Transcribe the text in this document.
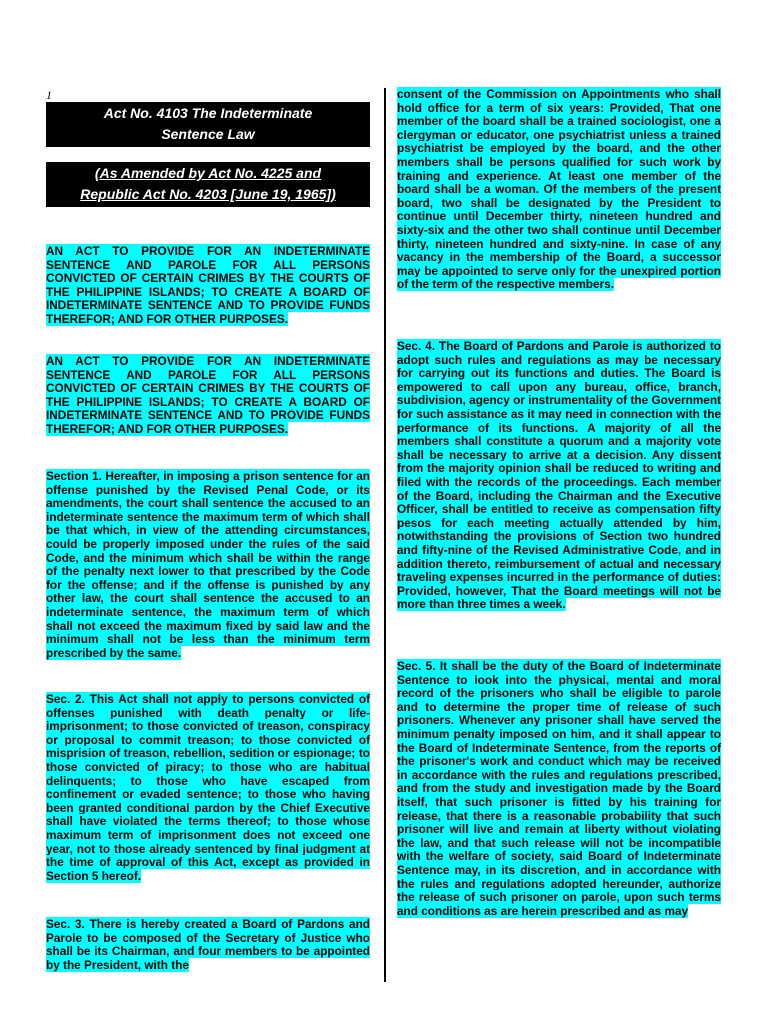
1
Act No. 4103 The Indeterminate
Sentence Law
(As Amended by Act No. 4225 and
Republic Act No. 4203 [June 19, 1965])
AN ACT TO PROVIDE FOR AN INDETERMINATE SENTENCE AND PAROLE FOR ALL PERSONS CONVICTED OF CERTAIN CRIMES BY THE COURTS OF THE PHILIPPINE ISLANDS; TO CREATE A BOARD OF INDETERMINATE SENTENCE AND TO PROVIDE FUNDS THEREFOR; AND FOR OTHER PURPOSES.
AN ACT TO PROVIDE FOR AN INDETERMINATE SENTENCE AND PAROLE FOR ALL PERSONS CONVICTED OF CERTAIN CRIMES BY THE COURTS OF THE PHILIPPINE ISLANDS; TO CREATE A BOARD OF INDETERMINATE SENTENCE AND TO PROVIDE FUNDS THEREFOR; AND FOR OTHER PURPOSES.
Section 1. Hereafter, in imposing a prison sentence for an offense punished by the Revised Penal Code, or its amendments, the court shall sentence the accused to an indeterminate sentence the maximum term of which shall be that which, in view of the attending circumstances, could be properly imposed under the rules of the said Code, and the minimum which shall be within the range of the penalty next lower to that prescribed by the Code for the offense; and if the offense is punished by any other law, the court shall sentence the accused to an indeterminate sentence, the maximum term of which shall not exceed the maximum fixed by said law and the minimum shall not be less than the minimum term prescribed by the same.
Sec. 2. This Act shall not apply to persons convicted of offenses punished with death penalty or life-imprisonment; to those convicted of treason, conspiracy or proposal to commit treason; to those convicted of misprision of treason, rebellion, sedition or espionage; to those convicted of piracy; to those who are habitual delinquents; to those who have escaped from confinement or evaded sentence; to those who having been granted conditional pardon by the Chief Executive shall have violated the terms thereof; to those whose maximum term of imprisonment does not exceed one year, not to those already sentenced by final judgment at the time of approval of this Act, except as provided in Section 5 hereof.
Sec. 3. There is hereby created a Board of Pardons and Parole to be composed of the Secretary of Justice who shall be its Chairman, and four members to be appointed by the President, with the
consent of the Commission on Appointments who shall hold office for a term of six years: Provided, That one member of the board shall be a trained sociologist, one a clergyman or educator, one psychiatrist unless a trained psychiatrist be employed by the board, and the other members shall be persons qualified for such work by training and experience. At least one member of the board shall be a woman. Of the members of the present board, two shall be designated by the President to continue until December thirty, nineteen hundred and sixty-six and the other two shall continue until December thirty, nineteen hundred and sixty-nine. In case of any vacancy in the membership of the Board, a successor may be appointed to serve only for the unexpired portion of the term of the respective members.
Sec. 4. The Board of Pardons and Parole is authorized to adopt such rules and regulations as may be necessary for carrying out its functions and duties. The Board is empowered to call upon any bureau, office, branch, subdivision, agency or instrumentality of the Government for such assistance as it may need in connection with the performance of its functions. A majority of all the members shall constitute a quorum and a majority vote shall be necessary to arrive at a decision. Any dissent from the majority opinion shall be reduced to writing and filed with the records of the proceedings. Each member of the Board, including the Chairman and the Executive Officer, shall be entitled to receive as compensation fifty pesos for each meeting actually attended by him, notwithstanding the provisions of Section two hundred and fifty-nine of the Revised Administrative Code, and in addition thereto, reimbursement of actual and necessary traveling expenses incurred in the performance of duties: Provided, however, That the Board meetings will not be more than three times a week.
Sec. 5. It shall be the duty of the Board of Indeterminate Sentence to look into the physical, mental and moral record of the prisoners who shall be eligible to parole and to determine the proper time of release of such prisoners. Whenever any prisoner shall have served the minimum penalty imposed on him, and it shall appear to the Board of Indeterminate Sentence, from the reports of the prisoner's work and conduct which may be received in accordance with the rules and regulations prescribed, and from the study and investigation made by the Board itself, that such prisoner is fitted by his training for release, that there is a reasonable probability that such prisoner will live and remain at liberty without violating the law, and that such release will not be incompatible with the welfare of society, said Board of Indeterminate Sentence may, in its discretion, and in accordance with the rules and regulations adopted hereunder, authorize the release of such prisoner on parole, upon such terms and conditions as are herein prescribed and as may
